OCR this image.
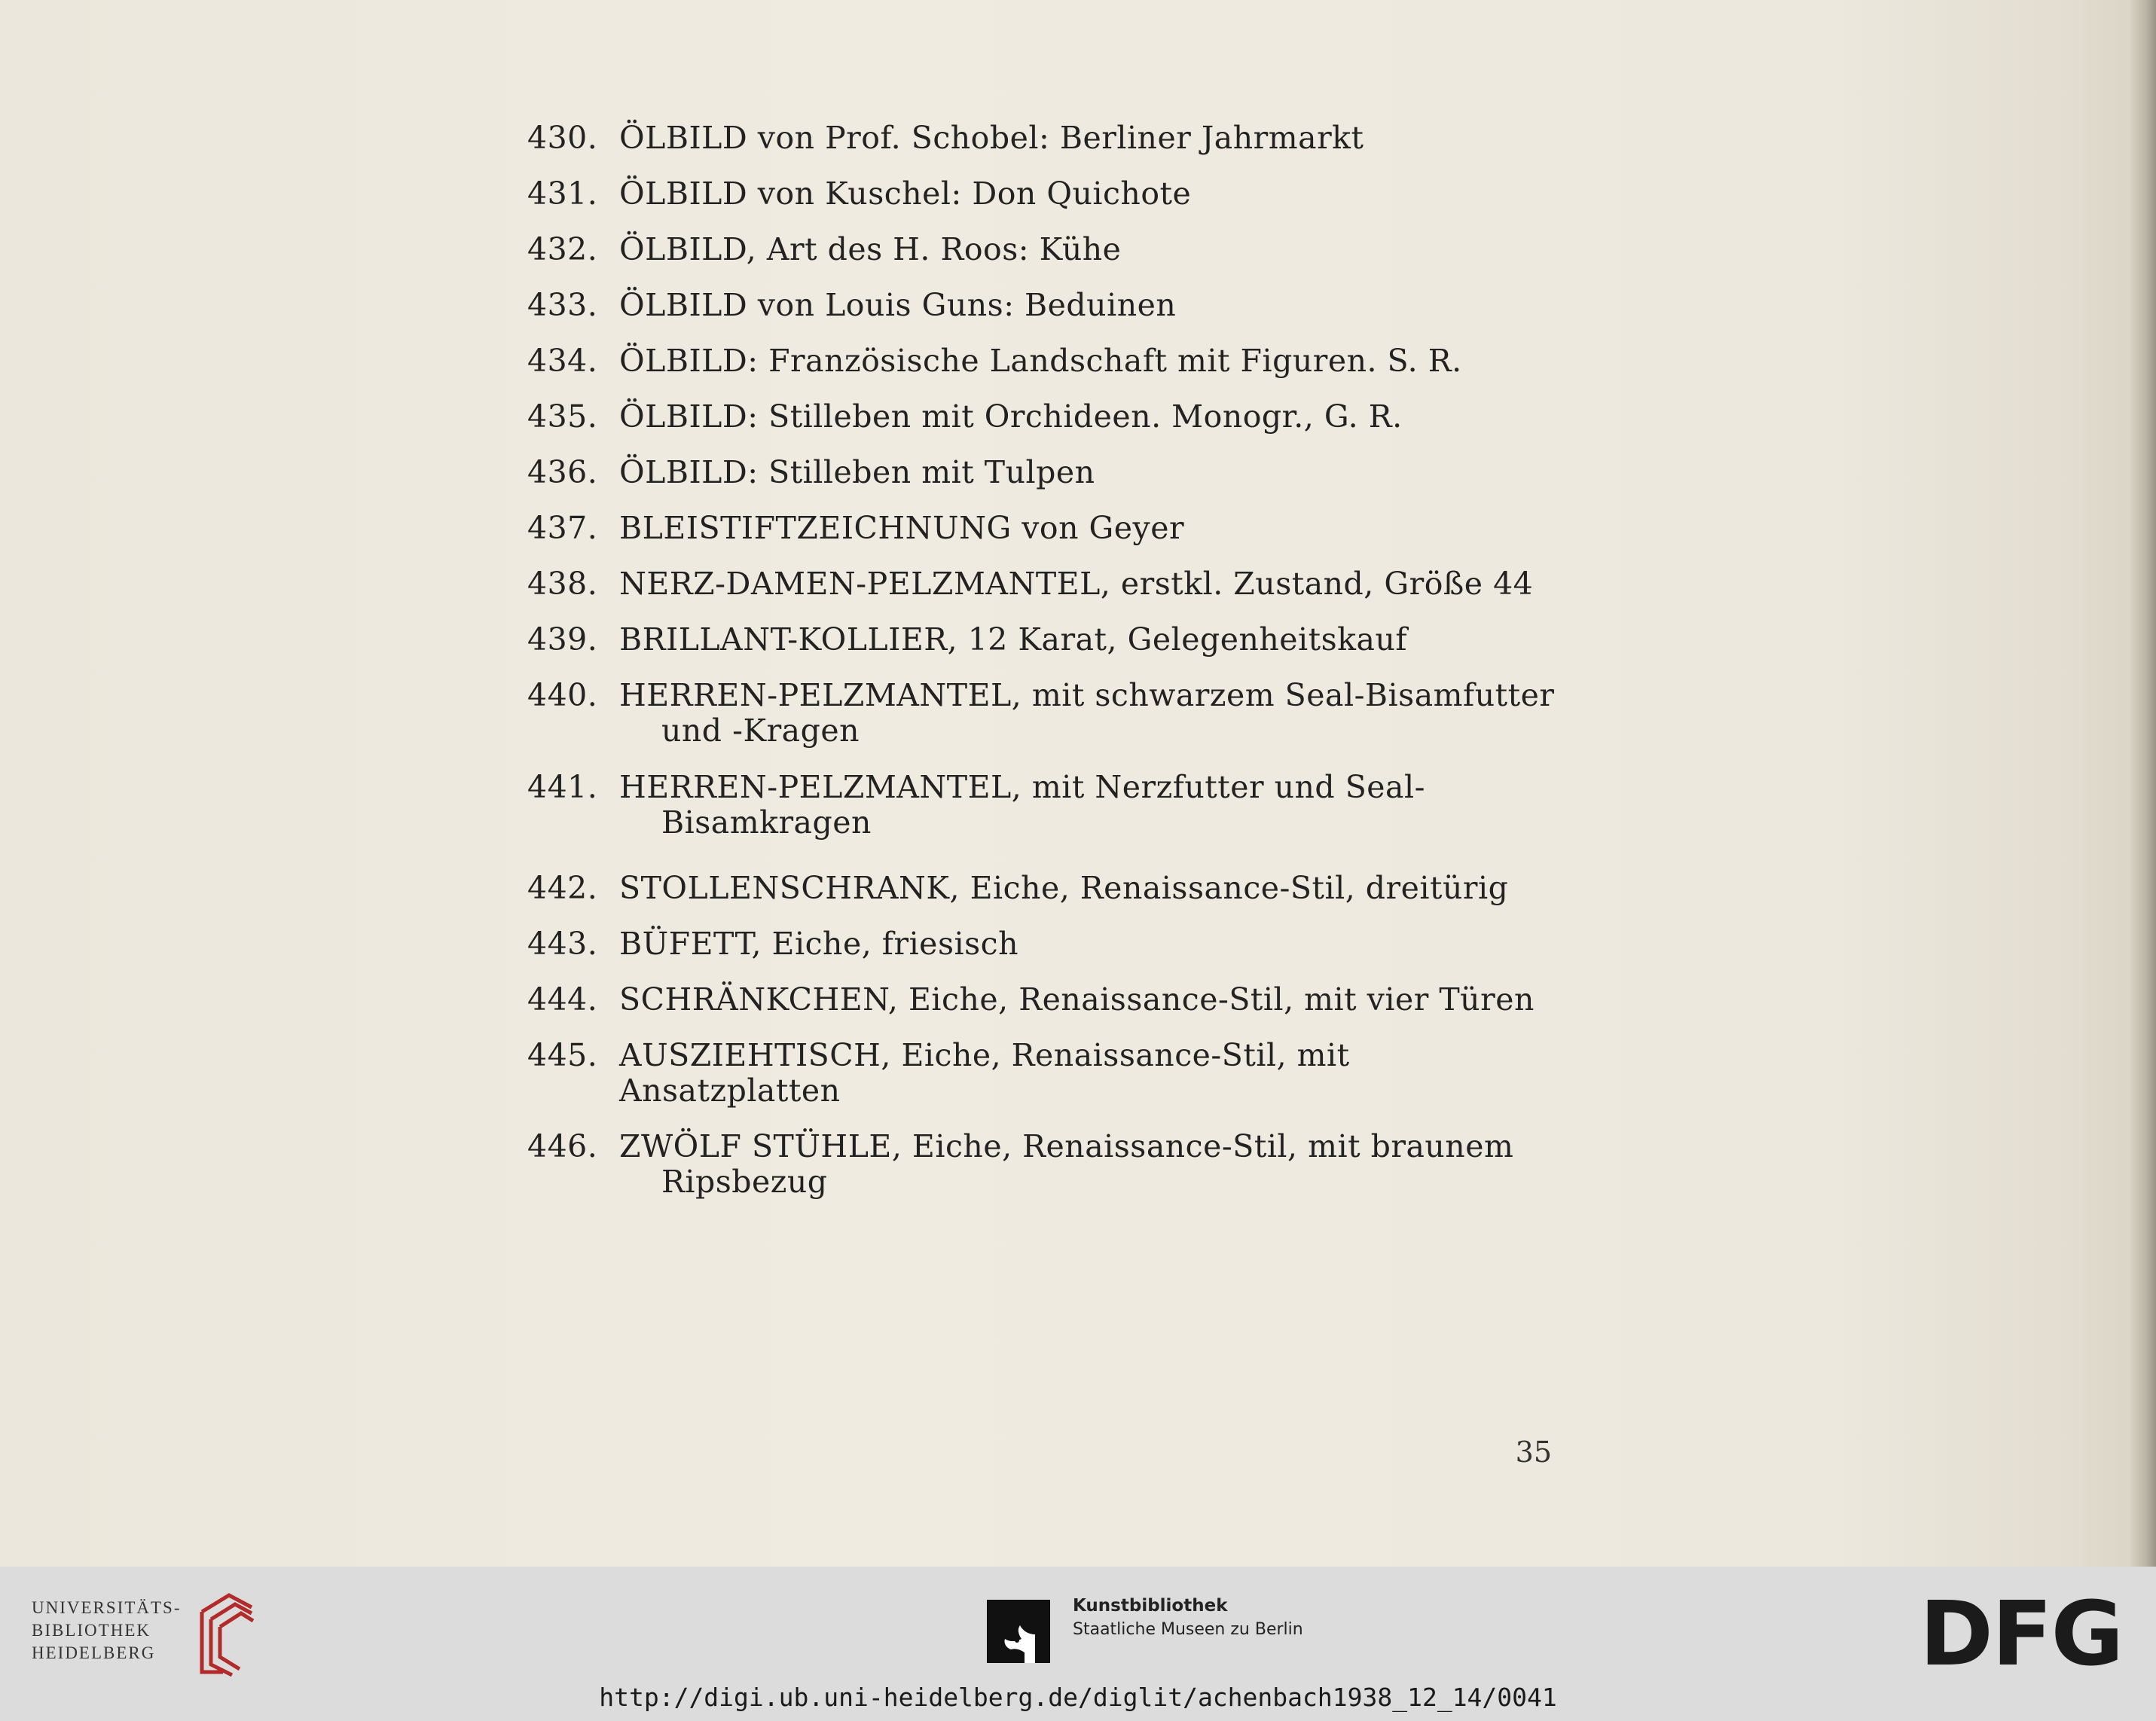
430. ÖLBILD von Prof. Schobel: Berliner Jahrmarkt
431. ÖLBILD von Kuschel: Don Quichote
432. ÖLBILD, Art des H. Roos: Kühe
433. ÖLBILD von Louis Guns: Beduinen
434. ÖLBILD: Französische Landschaft mit Figuren. S. R.
435. ÖLBILD: Stilleben mit Orchideen. Monogr., G. R.
436. ÖLBILD: Stilleben mit Tulpen
437. BLEISTIFTZEICHNUNG von Geyer
438. NERZ-DAMEN-PELZMANTEL, erstkl. Zustand, Größe 44
439. BRILLANT-KOLLIER, 12 Karat, Gelegenheitskauf
440. HERREN-PELZMANTEL, mit schwarzem Seal-Bisamfutter
und -Kragen
441. HERREN-PELZMANTEL, mit Nerzfutter und Seal-
Bisamkragen
442. STOLLENSCHRANK, Eiche, Renaissance-Stil, dreitürig
443. BÜFETT, Eiche, friesisch
444. SCHRÄNKCHEN, Eiche, Renaissance-Stil, mit vier Türen
445. AUSZIEHTISCH, Eiche, Renaissance-Stil, mit Ansatzplatten
446. ZWÖLF STÜHLE, Eiche, Renaissance-Stil, mit braunem
Ripsbezug
35
UNIVERSITÄTS-
BIBLIOTHEK
HEIDELBERG
Kunstbibliothek
Staatliche Museen zu Berlin	DFG
http://digi.ub.uni-heidelberg.de/diglit/achenbach1938_12_14/0041
